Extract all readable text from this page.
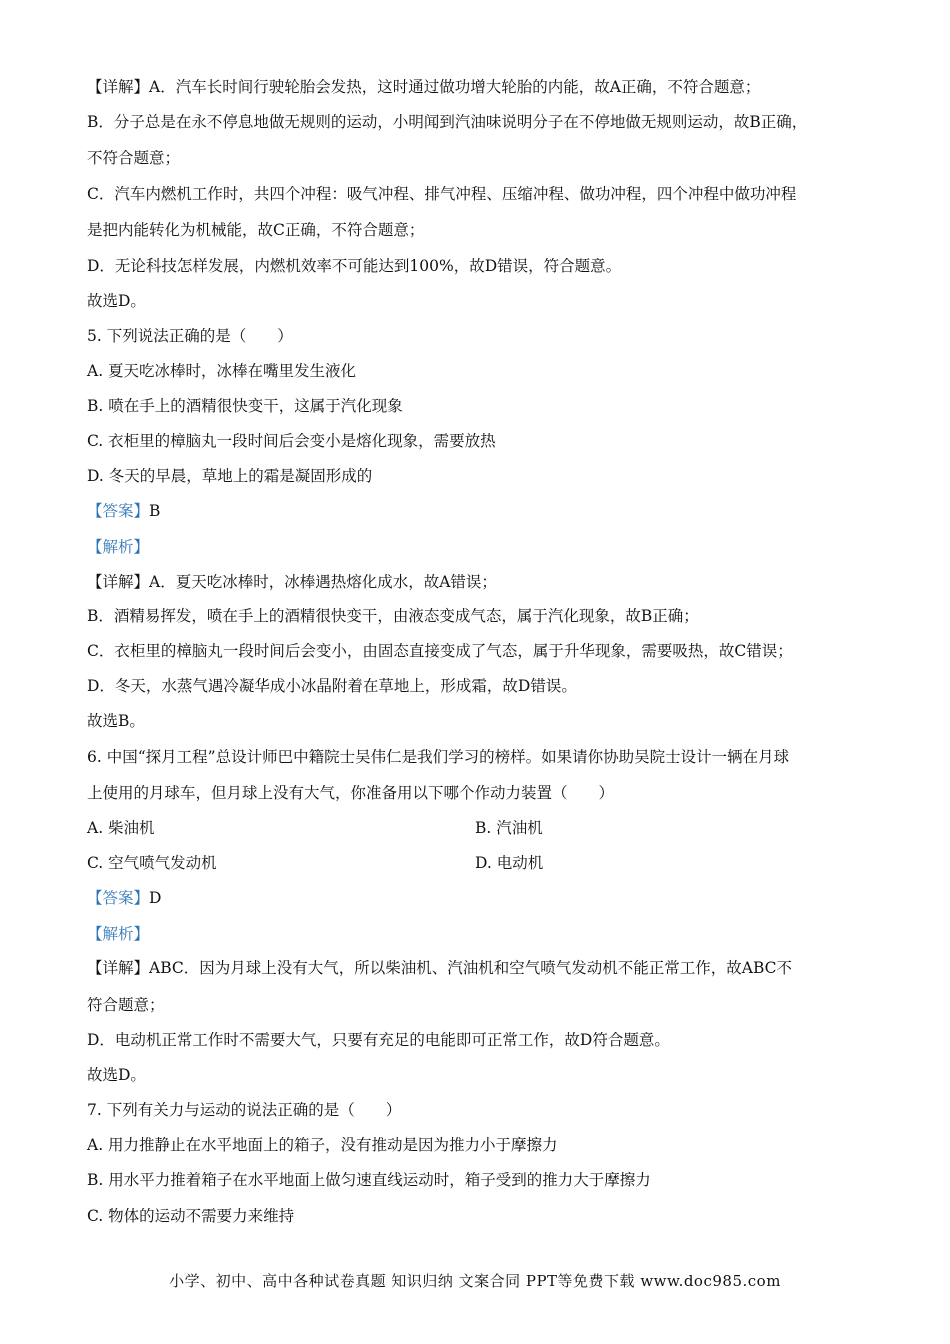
【详解】A．汽车长时间行驶轮胎会发热，这时通过做功增大轮胎的内能，故A正确，不符合题意；
B．分子总是在永不停息地做无规则的运动，小明闻到汽油味说明分子在不停地做无规则运动，故B正确，
不符合题意；
C．汽车内燃机工作时，共四个冲程：吸气冲程、排气冲程、压缩冲程、做功冲程，四个冲程中做功冲程
是把内能转化为机械能，故C正确，不符合题意；
D．无论科技怎样发展，内燃机效率不可能达到100%，故D错误，符合题意。
故选D。
5. 下列说法正确的是（　　）
A. 夏天吃冰棒时，冰棒在嘴里发生液化
B. 喷在手上的酒精很快变干，这属于汽化现象
C. 衣柜里的樟脑丸一段时间后会变小是熔化现象，需要放热
D. 冬天的早晨，草地上的霜是凝固形成的
【答案】B
【解析】
【详解】A．夏天吃冰棒时，冰棒遇热熔化成水，故A错误；
B．酒精易挥发，喷在手上的酒精很快变干，由液态变成气态，属于汽化现象，故B正确；
C．衣柜里的樟脑丸一段时间后会变小，由固态直接变成了气态，属于升华现象，需要吸热，故C错误；
D．冬天，水蒸气遇冷凝华成小冰晶附着在草地上，形成霜，故D错误。
故选B。
6. 中国“探月工程”总设计师巴中籍院士吴伟仁是我们学习的榜样。如果请你协助吴院士设计一辆在月球
上使用的月球车，但月球上没有大气，你准备用以下哪个作动力装置（　　）
A. 柴油机	B. 汽油机
C. 空气喷气发动机	D. 电动机
【答案】D
【解析】
【详解】ABC．因为月球上没有大气，所以柴油机、汽油机和空气喷气发动机不能正常工作，故ABC不
符合题意；
D．电动机正常工作时不需要大气，只要有充足的电能即可正常工作，故D符合题意。
故选D。
7. 下列有关力与运动的说法正确的是（　　）
A. 用力推静止在水平地面上的箱子，没有推动是因为推力小于摩擦力
B. 用水平力推着箱子在水平地面上做匀速直线运动时，箱子受到的推力大于摩擦力
C. 物体的运动不需要力来维持
小学、初中、高中各种试卷真题 知识归纳 文案合同 PPT等免费下载 www.doc985.com
